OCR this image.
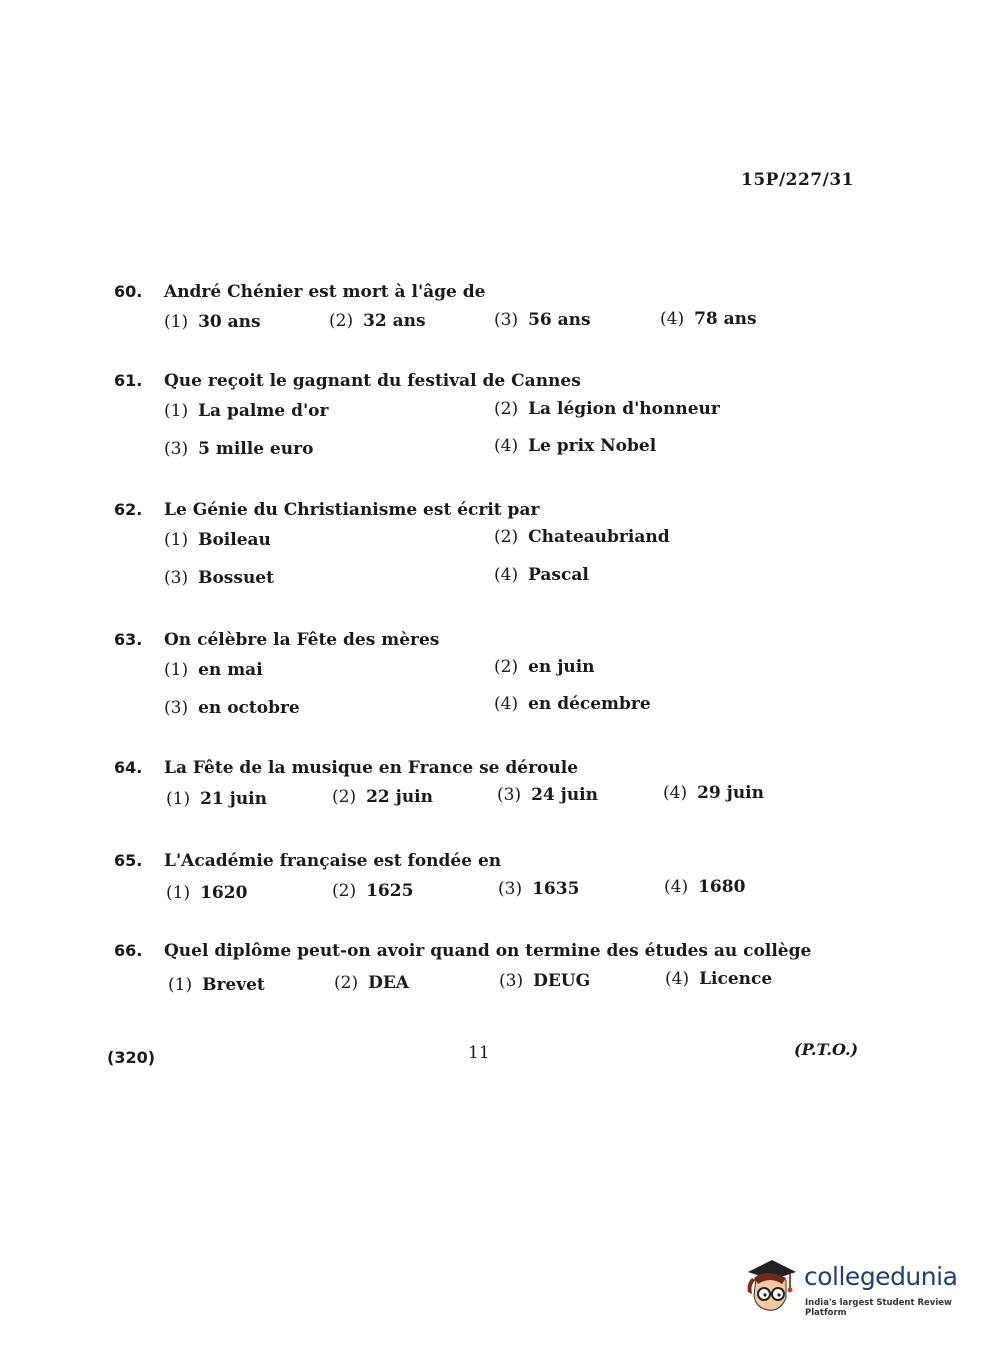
15P/227/31
60.	André Chénier est mort à l'âge de
(1) 30 ans	(2) 32 ans	(3) 56 ans	(4) 78 ans
61.	Que reçoit le gagnant du festival de Cannes
(1) La palme d'or	(2) La légion d'honneur
(3) 5 mille euro	(4) Le prix Nobel
62.	Le Génie du Christianisme est écrit par
(1) Boileau	(2) Chateaubriand
(3) Bossuet	(4) Pascal
63.	On célèbre la Fête des mères
(1) en mai	(2) en juin
(3) en octobre	(4) en décembre
64.	La Fête de la musique en France se déroule
(1) 21 juin	(2) 22 juin	(3) 24 juin	(4) 29 juin
65.	L'Académie française est fondée en
(1) 1620	(2) 1625	(3) 1635	(4) 1680
66.	Quel diplôme peut-on avoir quand on termine des études au collège
(1) Brevet	(2) DEA	(3) DEUG	(4) Licence
(320)	11	(P.T.O.)
collegedunia
India's largest Student Review Platform
